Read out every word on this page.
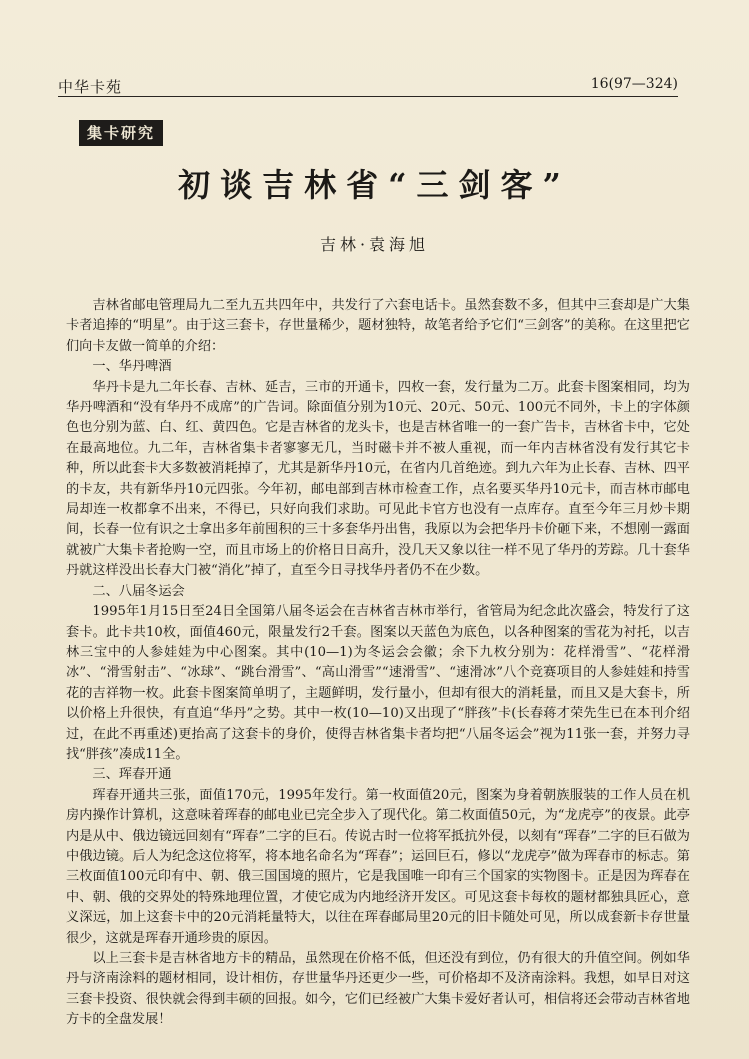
中华卡苑	16(97—324)
集卡研究
初谈吉林省“三剑客”
吉林·袁海旭

吉林省邮电管理局九二至九五共四年中，共发行了六套电话卡。虽然套数不多，但其中三套却是广大集卡者追捧的“明星”。由于这三套卡，存世量稀少，题材独特，故笔者给予它们“三剑客”的美称。在这里把它们向卡友做一简单的介绍：

一、华丹啤酒

华丹卡是九二年长春、吉林、延吉，三市的开通卡，四枚一套，发行量为二万。此套卡图案相同，均为华丹啤酒和“没有华丹不成席”的广告词。除面值分别为10元、20元、50元、100元不同外，卡上的字体颜色也分别为蓝、白、红、黄四色。它是吉林省的龙头卡，也是吉林省唯一的一套广告卡，吉林省卡中，它处在最高地位。九二年，吉林省集卡者寥寥无几，当时磁卡并不被人重视，而一年内吉林省没有发行其它卡种，所以此套卡大多数被消耗掉了，尤其是新华丹10元，在省内几首绝迹。到九六年为止长春、吉林、四平的卡友，共有新华丹10元四张。今年初，邮电部到吉林市检查工作，点名要买华丹10元卡，而吉林市邮电局却连一枚都拿不出来，不得已，只好向我们求助。可见此卡官方也没有一点库存。直至今年三月炒卡期间，长春一位有识之士拿出多年前囤积的三十多套华丹出售，我原以为会把华丹卡价砸下来，不想刚一露面就被广大集卡者抢购一空，而且市场上的价格日日高升，没几天又象以往一样不见了华丹的芳踪。几十套华丹就这样没出长春大门被“消化”掉了，直至今日寻找华丹者仍不在少数。

二、八届冬运会

1995年1月15日至24日全国第八届冬运会在吉林省吉林市举行，省管局为纪念此次盛会，特发行了这套卡。此卡共10枚，面值460元，限量发行2千套。图案以天蓝色为底色，以各种图案的雪花为衬托，以吉林三宝中的人参娃娃为中心图案。其中(10—1)为冬运会会徽；余下九枚分别为：花样滑雪”、“花样滑冰”、“滑雪射击”、“冰球”、“跳台滑雪”、“高山滑雪”“速滑雪”、“速滑冰”八个竞赛项目的人参娃娃和持雪花的吉祥物一枚。此套卡图案简单明了，主题鲜明，发行量小，但却有很大的消耗量，而且又是大套卡，所以价格上升很快，有直追“华丹”之势。其中一枚(10—10)又出现了“胖孩”卡(长春蒋才荣先生已在本刊介绍过，在此不再重述)更抬高了这套卡的身价，使得吉林省集卡者均把“八届冬运会”视为11张一套，并努力寻找“胖孩”凑成11全。

三、珲春开通

珲春开通共三张，面值170元，1995年发行。第一枚面值20元，图案为身着朝族服装的工作人员在机房内操作计算机，这意味着珲春的邮电业已完全步入了现代化。第二枚面值50元，为“龙虎亭”的夜景。此亭内是从中、俄边镜远回刻有“珲春”二字的巨石。传说古时一位将军抵抗外侵，以刻有“珲春”二字的巨石做为中俄边镜。后人为纪念这位将军，将本地名命名为“珲春”；运回巨石，修以“龙虎亭”做为珲春市的标志。第三枚面值100元印有中、朝、俄三国国境的照片，它是我国唯一印有三个国家的实物图卡。正是因为珲春在中、朝、俄的交界处的特殊地理位置，才使它成为内地经济开发区。可见这套卡每枚的题材都独具匠心，意义深远，加上这套卡中的20元消耗量特大，以往在珲春邮局里20元的旧卡随处可见，所以成套新卡存世量很少，这就是珲春开通珍贵的原因。

以上三套卡是吉林省地方卡的精品，虽然现在价格不低，但还没有到位，仍有很大的升值空间。例如华丹与济南涂料的题材相同，设计相仿，存世量华丹还更少一些，可价格却不及济南涂料。我想，如早日对这三套卡投资、很快就会得到丰硕的回报。如今，它们已经被广大集卡爱好者认可，相信将还会带动吉林省地方卡的全盘发展！
